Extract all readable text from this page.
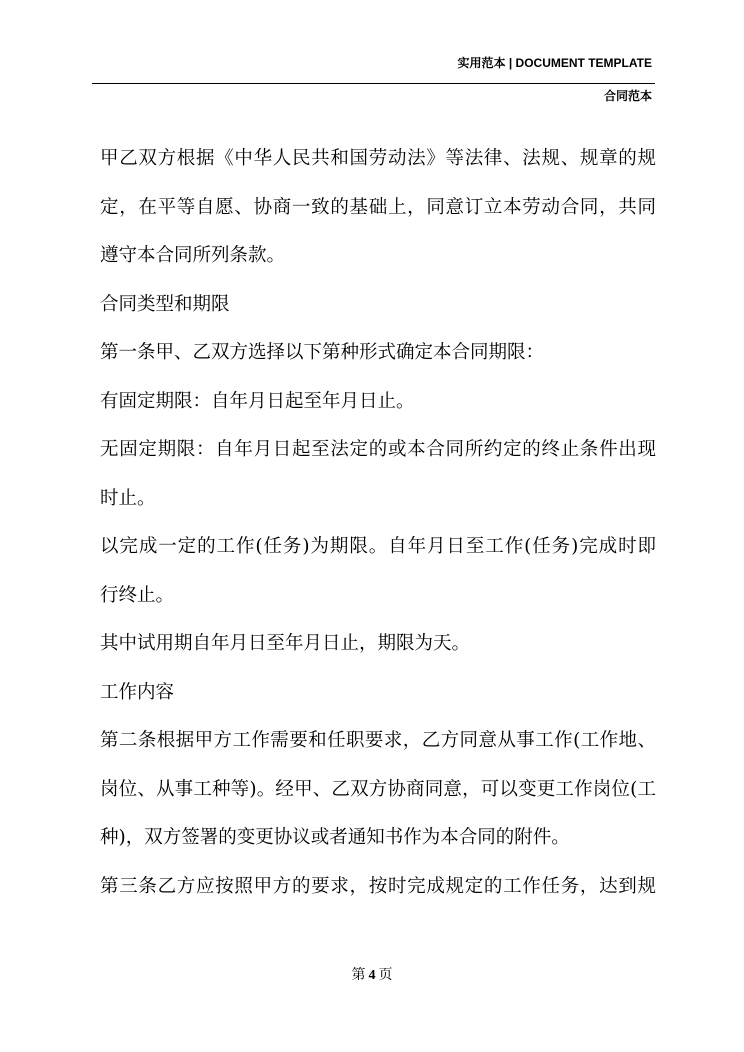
实用范本 | DOCUMENT TEMPLATE
合同范本
甲乙双方根据《中华人民共和国劳动法》等法律、法规、规章的规
定，在平等自愿、协商一致的基础上，同意订立本劳动合同，共同
遵守本合同所列条款。
合同类型和期限
第一条甲、乙双方选择以下第种形式确定本合同期限：
有固定期限：自年月日起至年月日止。
无固定期限：自年月日起至法定的或本合同所约定的终止条件出现
时止。
以完成一定的工作(任务)为期限。自年月日至工作(任务)完成时即
行终止。
其中试用期自年月日至年月日止，期限为天。
工作内容
第二条根据甲方工作需要和任职要求，乙方同意从事工作(工作地、
岗位、从事工种等)。经甲、乙双方协商同意，可以变更工作岗位(工
种)，双方签署的变更协议或者通知书作为本合同的附件。
第三条乙方应按照甲方的要求，按时完成规定的工作任务，达到规
第 4 页
